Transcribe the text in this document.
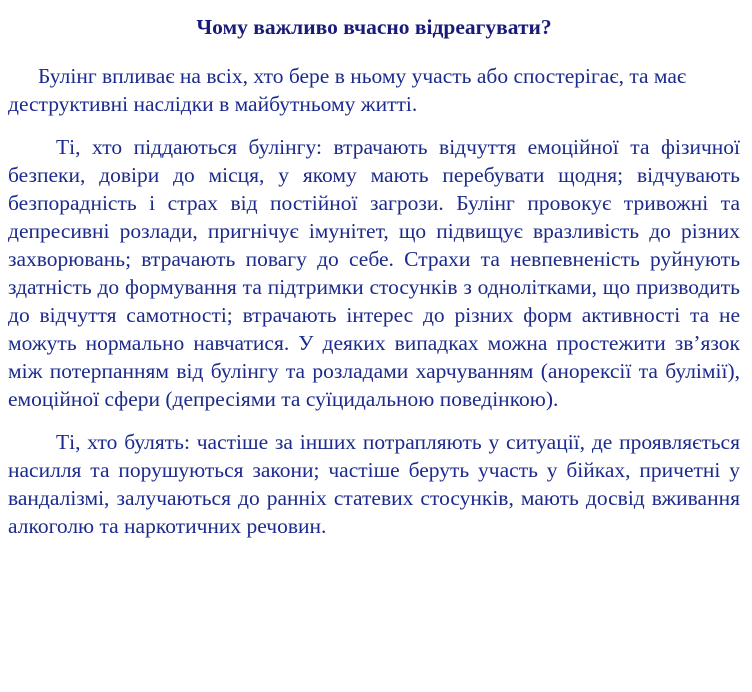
Чому важливо вчасно відреагувати?

Булінг впливає на всіх, хто бере в ньому участь або спостерігає, та має деструктивні наслідки в майбутньому житті.

Ті, хто піддаються булінгу: втрачають відчуття емоційної та фізичної безпеки, довіри до місця, у якому мають перебувати щодня; відчувають безпорадність і страх від постійної загрози. Булінг провокує тривожні та депресивні розлади, пригнічує імунітет, що підвищує вразливість до різних захворювань; втрачають повагу до себе. Страхи та невпевненість руйнують здатність до формування та підтримки стосунків з однолітками, що призводить до відчуття самотності; втрачають інтерес до різних форм активності та не можуть нормально навчатися. У деяких випадках можна простежити зв’язок між потерпанням від булінгу та розладами харчуванням (анорексії та булімії), емоційної сфери (депресіями та суїцидальною поведінкою).

Ті, хто булять: частіше за інших потрапляють у ситуації, де проявляється насилля та порушуються закони; частіше беруть участь у бійках, причетні у вандалізмі, залучаються до ранніх статевих стосунків, мають досвід вживання алкоголю та наркотичних речовин.
